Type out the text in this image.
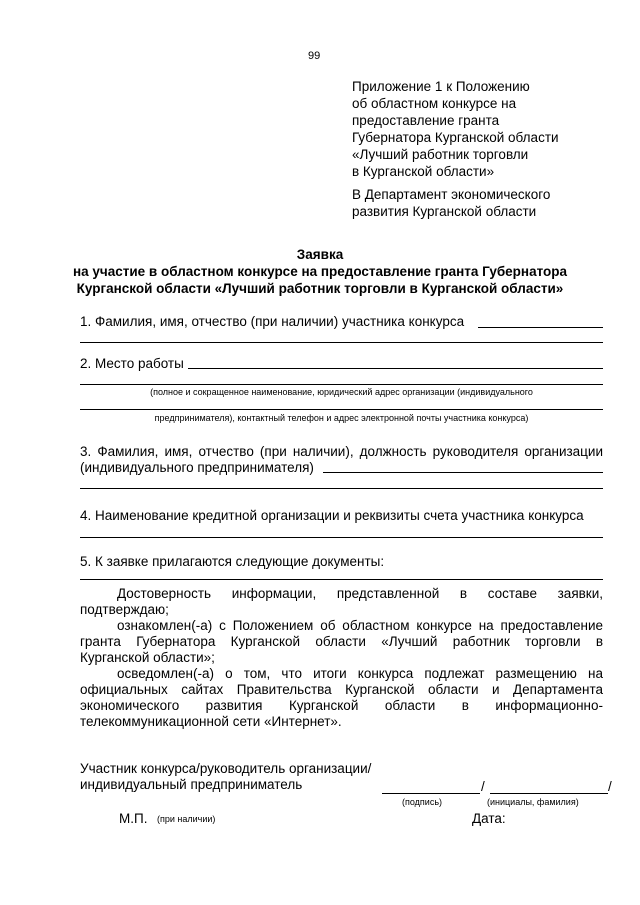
99
Приложение 1 к Положению
об областном конкурсе на
предоставление гранта
Губернатора Курганской области
«Лучший работник торговли
в Курганской области»
В Департамент экономического
развития Курганской области
Заявка
на участие в областном конкурсе на предоставление гранта Губернатора
Курганской области «Лучший работник торговли в Курганской области»
1. Фамилия, имя, отчество (при наличии) участника конкурса
2. Место работы
(полное и сокращенное наименование, юридический адрес организации (индивидуального
предпринимателя), контактный телефон и адрес электронной почты участника конкурса)
3. Фамилия, имя, отчество (при наличии), должность руководителя организации
(индивидуального предпринимателя)
4. Наименование кредитной организации и реквизиты счета участника конкурса
5. К заявке прилагаются следующие документы:
Достоверность информации, представленной в составе заявки,
подтверждаю;
ознакомлен(-а) с Положением об областном конкурсе на предоставление
гранта Губернатора Курганской области «Лучший работник торговли в
Курганской области»;
осведомлен(-а) о том, что итоги конкурса подлежат размещению на
официальных сайтах Правительства Курганской области и Департамента
экономического развития Курганской области в информационно-
телекоммуникационной сети «Интернет».
Участник конкурса/руководитель организации/
индивидуальный предприниматель	/	/
(подпись)	(инициалы, фамилия)
М.П. (при наличии)	Дата:
